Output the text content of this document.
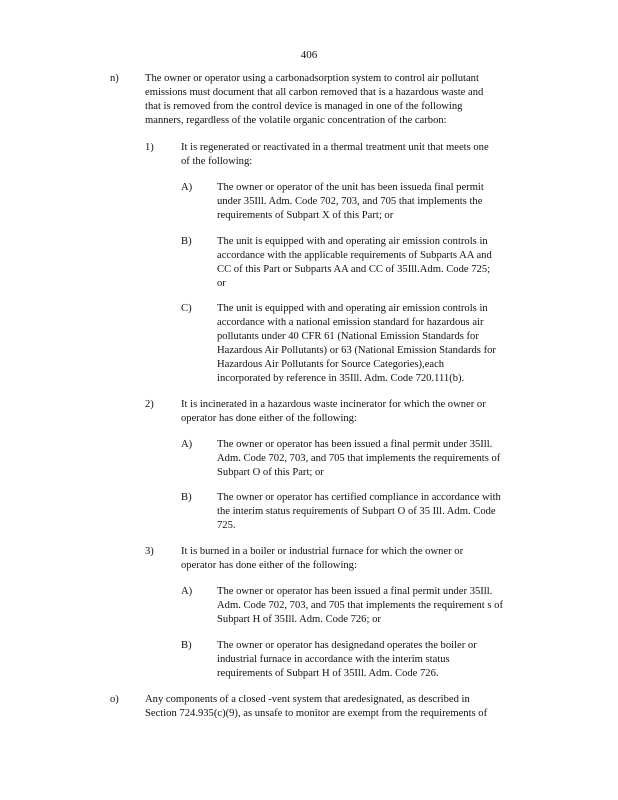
406
n) The owner or operator using a carbonadsorption system to control air pollutant
emissions must document that all carbon removed that is a hazardous waste and
that is removed from the control device is managed in one of the following
manners, regardless of the volatile organic concentration of the carbon:
1)	It is regenerated or reactivated in a thermal treatment unit that meets one
of the following:
A) The owner or operator of the unit has been issueda final permit
under 35Ill. Adm. Code 702, 703, and 705 that implements the
requirements of Subpart X of this Part; or
B) The unit is equipped with and operating air emission controls in
accordance with the applicable requirements of Subparts AA and
CC of this Part or Subparts AA and CC of 35Ill.Adm. Code 725;
or
C) The unit is equipped with and operating air emission controls in
accordance with a national emission standard for hazardous air
pollutants under 40 CFR 61 (National Emission Standards for
Hazardous Air Pollutants) or 63 (National Emission Standards for
Hazardous Air Pollutants for Source Categories),each
incorporated by reference in 35Ill. Adm. Code 720.111(b).
2)	It is incinerated in a hazardous waste incinerator for which the owner or
operator has done either of the following:
A) The owner or operator has been issued a final permit under 35Ill.
Adm. Code 702, 703, and 705 that implements the requirements of
Subpart O of this Part; or
B) The owner or operator has certified compliance in accordance with
the interim status requirements of Subpart O of 35 Ill. Adm. Code
725.
3)	It is burned in a boiler or industrial furnace for which the owner or
operator has done either of the following:
A) The owner or operator has been issued a final permit under 35Ill.
Adm. Code 702, 703, and 705 that implements the requirement s of
Subpart H of 35Ill. Adm. Code 726; or
B) The owner or operator has designedand operates the boiler or
industrial furnace in accordance with the interim status
requirements of Subpart H of 35Ill. Adm. Code 726.
o) Any components of a closed -vent system that aredesignated, as described in
Section 724.935(c)(9), as unsafe to monitor are exempt from the requirements of
